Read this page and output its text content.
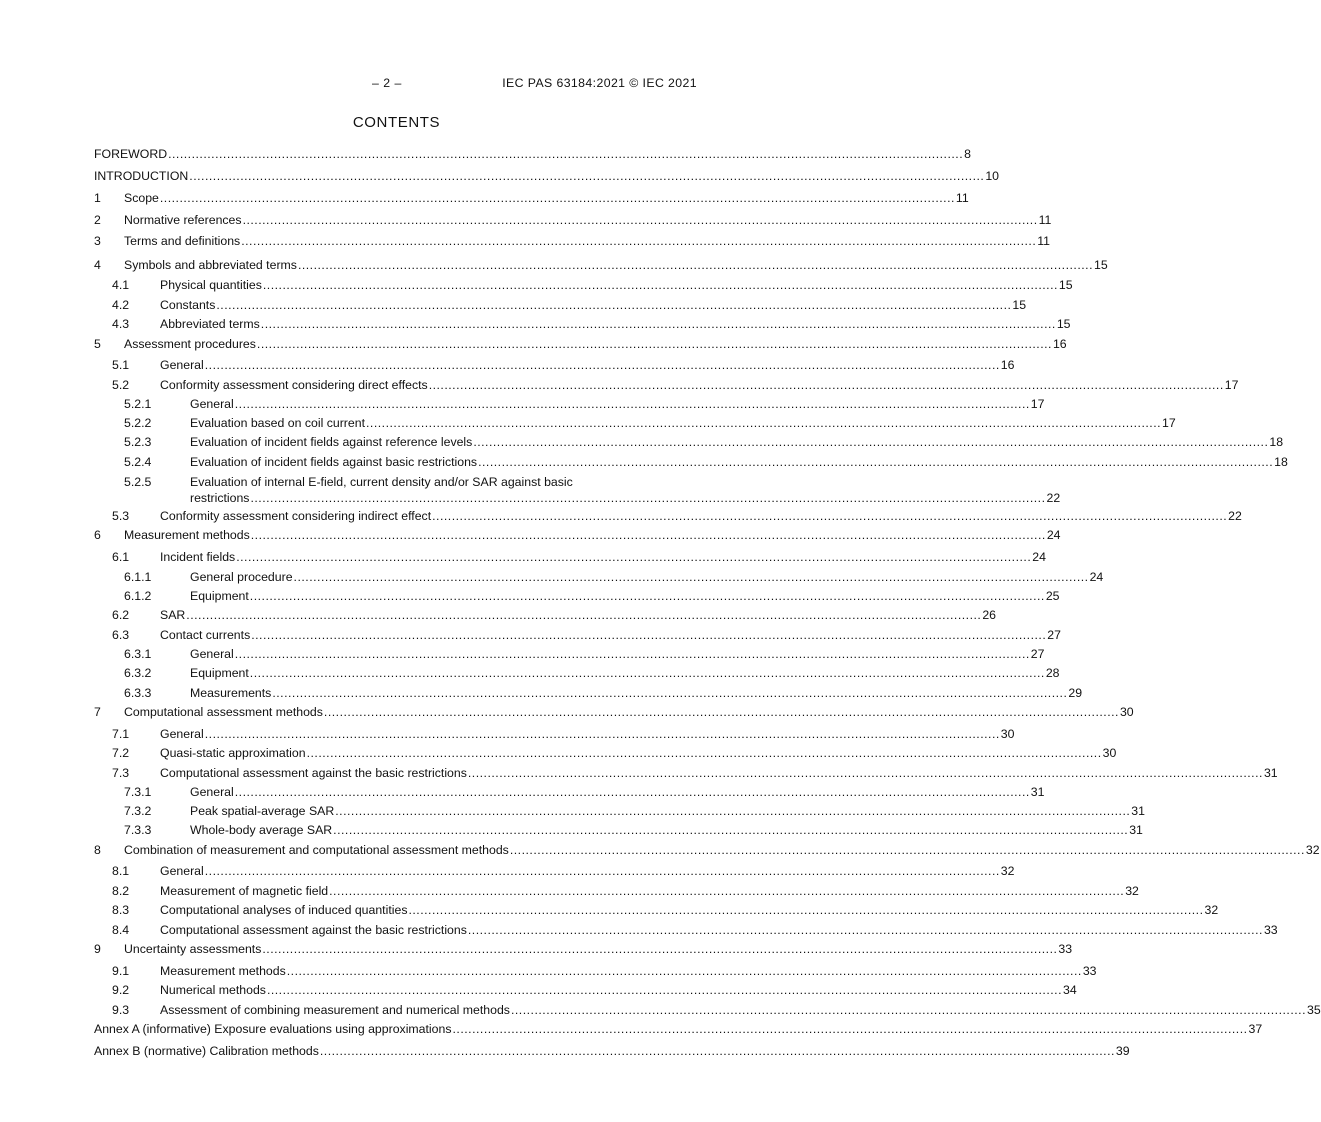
– 2 –	IEC PAS 63184:2021 © IEC 2021
CONTENTS
FOREWORD ........................................................................................................................................................................................................... 8
INTRODUCTION ........................................................................................................................................................................................................... 10
1	Scope ........................................................................................................................................................................................................... 11
2	Normative references ........................................................................................................................................................................................................... 11
3	Terms and definitions ........................................................................................................................................................................................................... 11
4	Symbols and abbreviated terms ........................................................................................................................................................................................................... 15
4.1	Physical quantities ........................................................................................................................................................................................................... 15
4.2	Constants ........................................................................................................................................................................................................... 15
4.3	Abbreviated terms ........................................................................................................................................................................................................... 15
5	Assessment procedures ........................................................................................................................................................................................................... 16
5.1	General ........................................................................................................................................................................................................... 16
5.2	Conformity assessment considering direct effects ........................................................................................................................................................................................................... 17
5.2.1	General ........................................................................................................................................................................................................... 17
5.2.2	Evaluation based on coil current ........................................................................................................................................................................................................... 17
5.2.3	Evaluation of incident fields against reference levels ........................................................................................................................................................................................................... 18
5.2.4	Evaluation of incident fields against basic restrictions ........................................................................................................................................................................................................... 18
5.2.5	Evaluation of internal E-field, current density and/or SAR against basic
restrictions ........................................................................................................................................................................................................... 22
5.3	Conformity assessment considering indirect effect ........................................................................................................................................................................................................... 22
6	Measurement methods ........................................................................................................................................................................................................... 24
6.1	Incident fields ........................................................................................................................................................................................................... 24
6.1.1	General procedure ........................................................................................................................................................................................................... 24
6.1.2	Equipment ........................................................................................................................................................................................................... 25
6.2	SAR ........................................................................................................................................................................................................... 26
6.3	Contact currents ........................................................................................................................................................................................................... 27
6.3.1	General ........................................................................................................................................................................................................... 27
6.3.2	Equipment ........................................................................................................................................................................................................... 28
6.3.3	Measurements ........................................................................................................................................................................................................... 29
7	Computational assessment methods ........................................................................................................................................................................................................... 30
7.1	General ........................................................................................................................................................................................................... 30
7.2	Quasi-static approximation ........................................................................................................................................................................................................... 30
7.3	Computational assessment against the basic restrictions ........................................................................................................................................................................................................... 31
7.3.1	General ........................................................................................................................................................................................................... 31
7.3.2	Peak spatial-average SAR ........................................................................................................................................................................................................... 31
7.3.3	Whole-body average SAR ........................................................................................................................................................................................................... 31
8	Combination of measurement and computational assessment methods ........................................................................................................................................................................................................... 32
8.1	General ........................................................................................................................................................................................................... 32
8.2	Measurement of magnetic field ........................................................................................................................................................................................................... 32
8.3	Computational analyses of induced quantities ........................................................................................................................................................................................................... 32
8.4	Computational assessment against the basic restrictions ........................................................................................................................................................................................................... 33
9	Uncertainty assessments ........................................................................................................................................................................................................... 33
9.1	Measurement methods ........................................................................................................................................................................................................... 33
9.2	Numerical methods ........................................................................................................................................................................................................... 34
9.3	Assessment of combining measurement and numerical methods ........................................................................................................................................................................................................... 35
Annex A (informative) Exposure evaluations using approximations ........................................................................................................................................................................................................... 37
Annex B (normative) Calibration methods ........................................................................................................................................................................................................... 39
